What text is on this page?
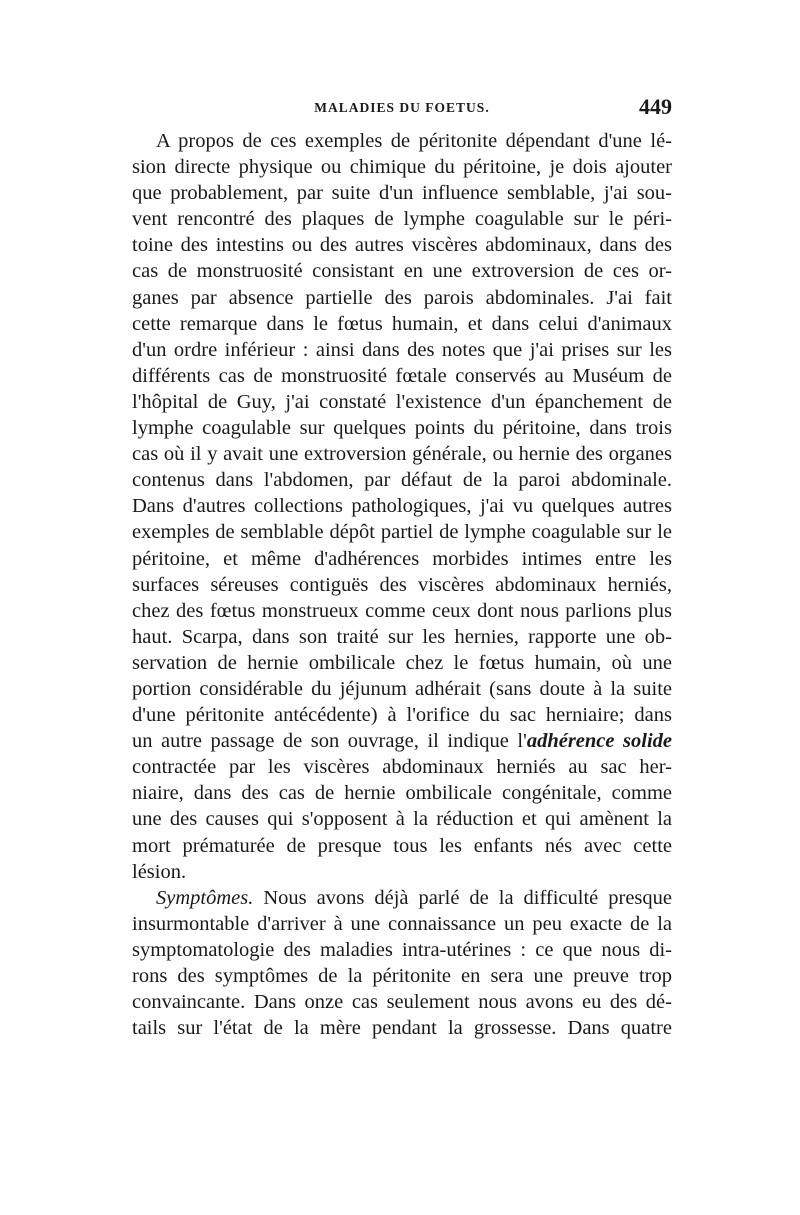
MALADIES DU FOETUS.	449
A propos de ces exemples de péritonite dépendant d'une lé-
sion directe physique ou chimique du péritoine, je dois ajouter
que probablement, par suite d'un influence semblable, j'ai sou-
vent rencontré des plaques de lymphe coagulable sur le péri-
toine des intestins ou des autres viscères abdominaux, dans des
cas de monstruosité consistant en une extroversion de ces or-
ganes par absence partielle des parois abdominales. J'ai fait
cette remarque dans le fœtus humain, et dans celui d'animaux
d'un ordre inférieur : ainsi dans des notes que j'ai prises sur les
différents cas de monstruosité fœtale conservés au Muséum de
l'hôpital de Guy, j'ai constaté l'existence d'un épanchement de
lymphe coagulable sur quelques points du péritoine, dans trois
cas où il y avait une extroversion générale, ou hernie des organes
contenus dans l'abdomen, par défaut de la paroi abdominale.
Dans d'autres collections pathologiques, j'ai vu quelques autres
exemples de semblable dépôt partiel de lymphe coagulable sur le
péritoine, et même d'adhérences morbides intimes entre les
surfaces séreuses contiguës des viscères abdominaux herniés,
chez des fœtus monstrueux comme ceux dont nous parlions plus
haut. Scarpa, dans son traité sur les hernies, rapporte une ob-
servation de hernie ombilicale chez le fœtus humain, où une
portion considérable du jéjunum adhérait (sans doute à la suite
d'une péritonite antécédente) à l'orifice du sac herniaire; dans
un autre passage de son ouvrage, il indique l'adhérence solide
contractée par les viscères abdominaux herniés au sac her-
niaire, dans des cas de hernie ombilicale congénitale, comme
une des causes qui s'opposent à la réduction et qui amènent la
mort prématurée de presque tous les enfants nés avec cette
lésion.
Symptômes. Nous avons déjà parlé de la difficulté presque
insurmontable d'arriver à une connaissance un peu exacte de la
symptomatologie des maladies intra-utérines : ce que nous di-
rons des symptômes de la péritonite en sera une preuve trop
convaincante. Dans onze cas seulement nous avons eu des dé-
tails sur l'état de la mère pendant la grossesse. Dans quatre
